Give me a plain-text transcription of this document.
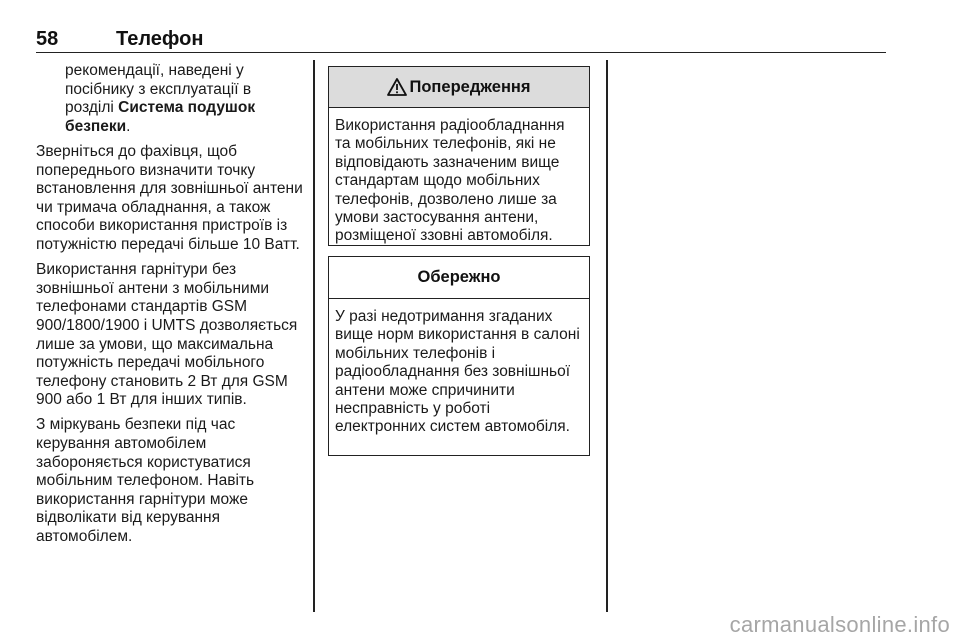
58	Телефон

рекомендації, наведені у посібнику з експлуатації в розділі Система подушок безпеки.

Зверніться до фахівця, щоб попереднього визначити точку встановлення для зовнішньої антени чи тримача обладнання, а також способи використання пристроїв із потужністю передачі більше 10 Ватт.

Використання гарнітури без зовнішньої антени з мобільними телефонами стандартів GSM 900/1800/1900 і UMTS дозволяється лише за умови, що максимальна потужність передачі мобільного телефону становить 2 Вт для GSM 900 або 1 Вт для інших типів.

З міркувань безпеки під час керування автомобілем забороняється користуватися мобільним телефоном. Навіть використання гарнітури може відволікати від керування автомобілем.

Попередження
Використання радіообладнання та мобільних телефонів, які не відповідають зазначеним вище стандартам щодо мобільних телефонів, дозволено лише за умови застосування антени, розміщеної ззовні автомобіля.
Обережно
У разі недотримання згаданих вище норм використання в салоні мобільних телефонів і радіообладнання без зовнішньої антени може спричинити несправність у роботі електронних систем автомобіля.
carmanualsonline.info
